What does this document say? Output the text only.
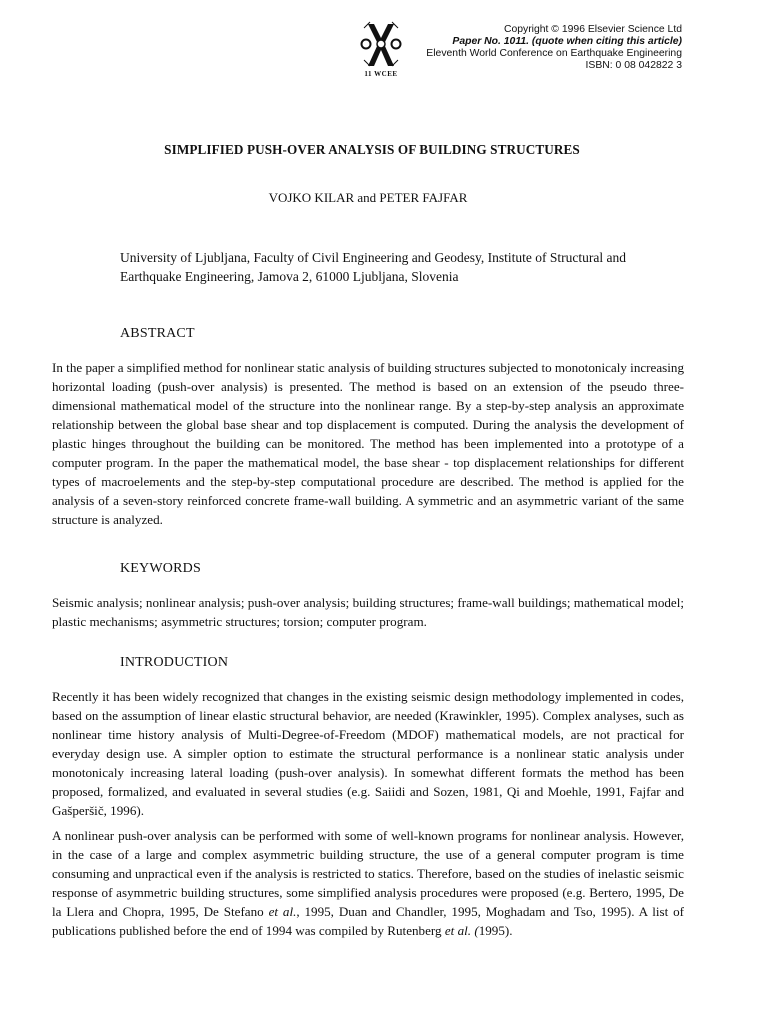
11 WCEE
Copyright © 1996 Elsevier Science Ltd
Paper No. 1011. (quote when citing this article)
Eleventh World Conference on Earthquake Engineering
ISBN: 0 08 042822 3
SIMPLIFIED PUSH-OVER ANALYSIS OF BUILDING STRUCTURES
VOJKO KILAR and PETER FAJFAR
University of Ljubljana, Faculty of Civil Engineering and Geodesy, Institute of Structural and Earthquake Engineering, Jamova 2, 61000 Ljubljana, Slovenia
ABSTRACT
In the paper a simplified method for nonlinear static analysis of building structures subjected to monotonicaly increasing horizontal loading (push-over analysis) is presented. The method is based on an extension of the pseudo three-dimensional mathematical model of the structure into the nonlinear range. By a step-by-step analysis an approximate relationship between the global base shear and top displacement is computed. During the analysis the development of plastic hinges throughout the building can be monitored. The method has been implemented into a prototype of a computer program. In the paper the mathematical model, the base shear - top displacement relationships for different types of macroelements and the step-by-step computational procedure are described. The method is applied for the analysis of a seven-story reinforced concrete frame-wall building. A symmetric and an asymmetric variant of the same structure is analyzed.
KEYWORDS
Seismic analysis; nonlinear analysis; push-over analysis; building structures; frame-wall buildings; mathematical model; plastic mechanisms; asymmetric structures; torsion; computer program.
INTRODUCTION
Recently it has been widely recognized that changes in the existing seismic design methodology implemented in codes, based on the assumption of linear elastic structural behavior, are needed (Krawinkler, 1995). Complex analyses, such as nonlinear time history analysis of Multi-Degree-of-Freedom (MDOF) mathematical models, are not practical for everyday design use. A simpler option to estimate the structural performance is a nonlinear static analysis under monotonicaly increasing lateral loading (push-over analysis). In somewhat different formats the method has been proposed, formalized, and evaluated in several studies (e.g. Saiidi and Sozen, 1981, Qi and Moehle, 1991, Fajfar and Gašperšič, 1996).
A nonlinear push-over analysis can be performed with some of well-known programs for nonlinear analysis. However, in the case of a large and complex asymmetric building structure, the use of a general computer program is time consuming and unpractical even if the analysis is restricted to statics. Therefore, based on the studies of inelastic seismic response of asymmetric building structures, some simplified analysis procedures were proposed (e.g. Bertero, 1995, De la Llera and Chopra, 1995, De Stefano et al., 1995, Duan and Chandler, 1995, Moghadam and Tso, 1995). A list of publications published before the end of 1994 was compiled by Rutenberg et al. (1995).
